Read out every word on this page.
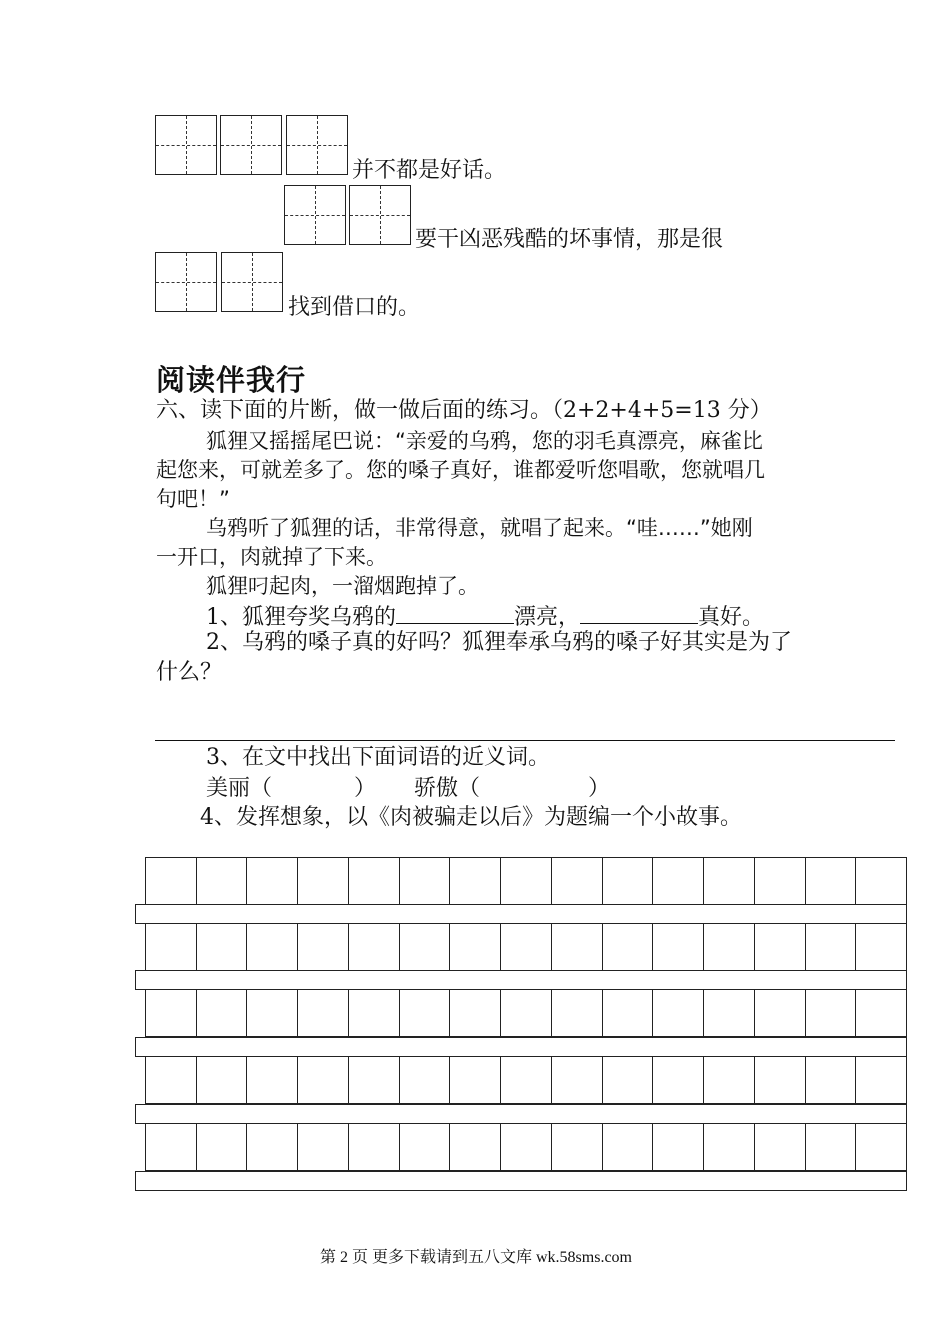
并不都是好话。
要干凶恶残酷的坏事情，那是很
找到借口的。
阅读伴我行
六、读下面的片断，做一做后面的练习。（2+2+4+5=13 分）
狐狸又摇摇尾巴说：“亲爱的乌鸦，您的羽毛真漂亮，麻雀比
起您来，可就差多了。您的嗓子真好，谁都爱听您唱歌，您就唱几
句吧！”
乌鸦听了狐狸的话，非常得意，就唱了起来。“哇……”她刚
一开口，肉就掉了下来。
狐狸叼起肉，一溜烟跑掉了。
1、狐狸夸奖乌鸦的	漂亮，	真好。
2、乌鸦的嗓子真的好吗？狐狸奉承乌鸦的嗓子好其实是为了
什么？
3、在文中找出下面词语的近义词。
美丽（	） 骄傲（	）
4、发挥想象，以《肉被骗走以后》为题编一个小故事。
第 2 页 更多下载请到五八文库 wk.58sms.com
